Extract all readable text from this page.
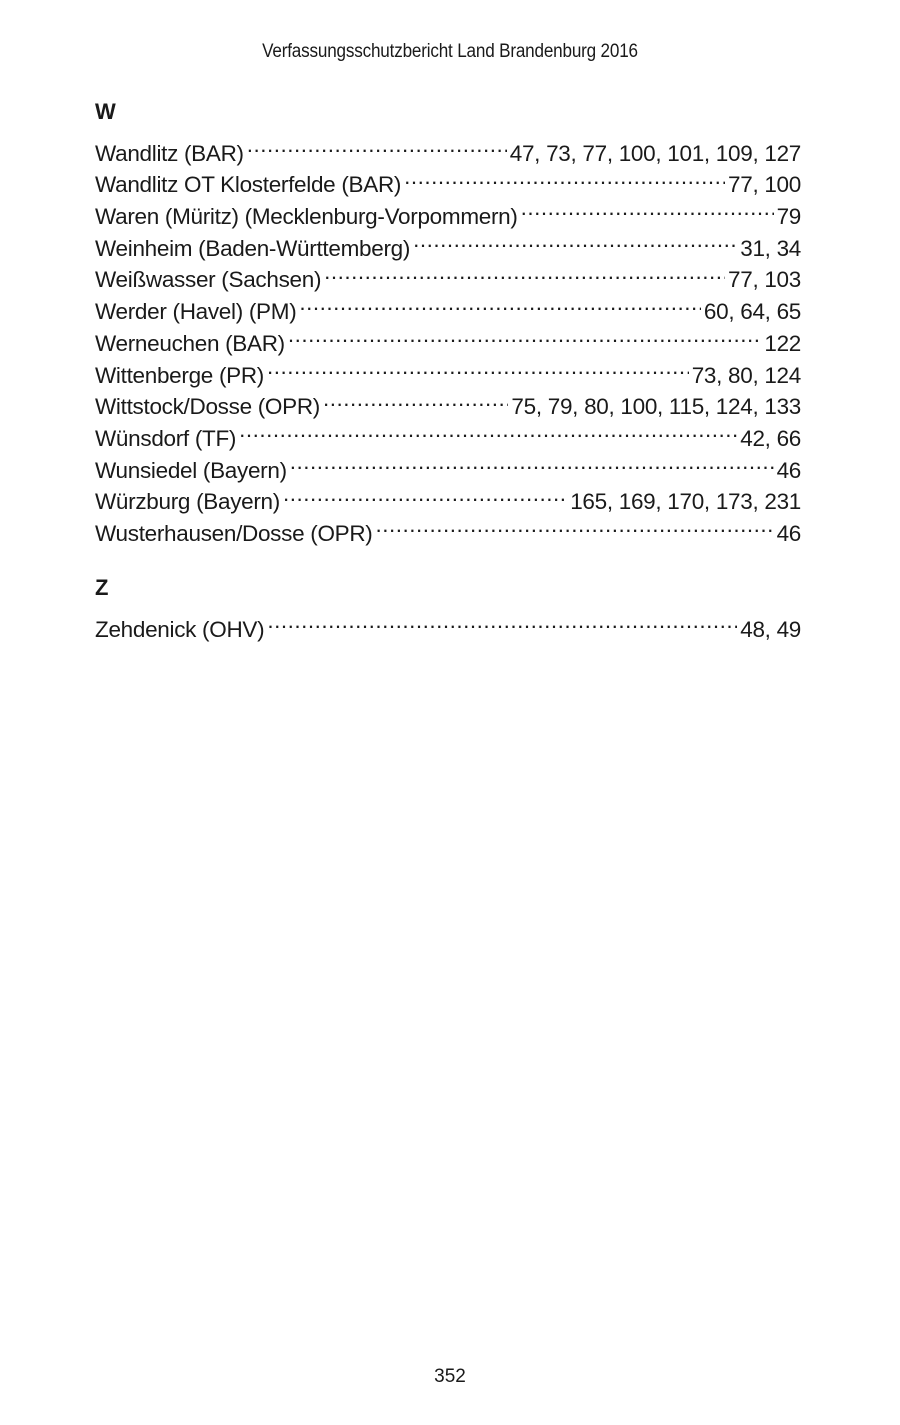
Verfassungsschutzbericht Land Brandenburg 2016
W
Wandlitz (BAR) .....	47, 73, 77, 100, 101, 109, 127
Wandlitz OT Klosterfelde (BAR) .....	77, 100
Waren (Müritz) (Mecklenburg-Vorpommern) .....	79
Weinheim (Baden-Württemberg) .....	31, 34
Weißwasser (Sachsen) .....	77, 103
Werder (Havel) (PM) .....	60, 64, 65
Werneuchen (BAR) .....	122
Wittenberge (PR) .....	73, 80, 124
Wittstock/Dosse (OPR) .....	75, 79, 80, 100, 115, 124, 133
Wünsdorf (TF) .....	42, 66
Wunsiedel (Bayern) .....	46
Würzburg (Bayern) .....	165, 169, 170, 173, 231
Wusterhausen/Dosse (OPR) .....	46
Z
Zehdenick (OHV) .....	48, 49
352
